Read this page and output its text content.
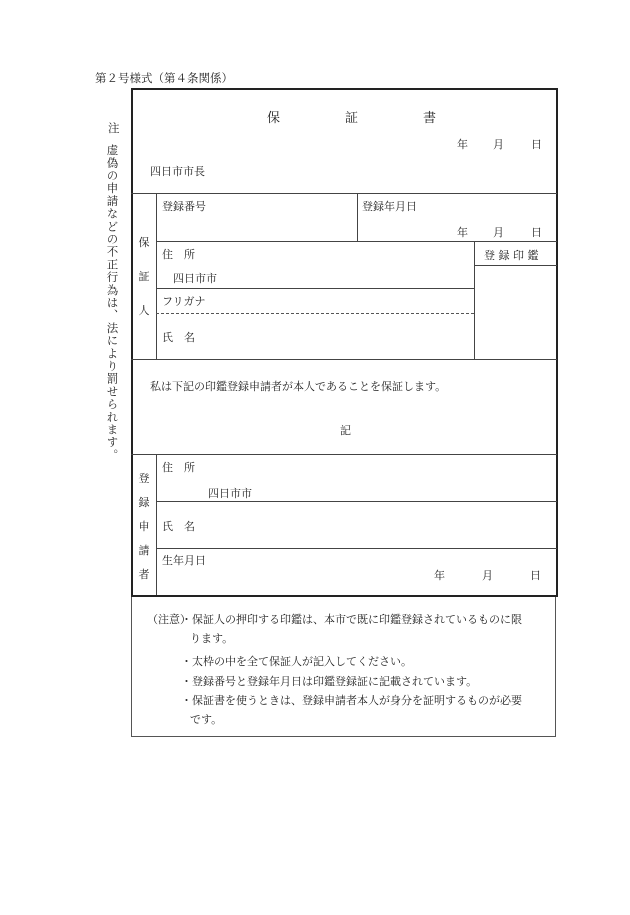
第２号様式（第４条関係）
注
虚偽の申請などの不正行為は、法により罰せられます。
保　　　　　証　　　　　書
年 月 日
四日市市長
保
証
人
登録番号	登録年月日
年 月 日
住　所
四日市市
登 録 印 鑑
フリガナ
氏　名
私は下記の印鑑登録申請者が本人であることを保証します。
記
登
録
申
請
者
住　所
四日市市
氏　名
生年月日
年	月	日
（注意）
・保証人の押印する印鑑は、本市で既に印鑑登録されているものに限
ります。
・太枠の中を全て保証人が記入してください。
・登録番号と登録年月日は印鑑登録証に記載されています。
・保証書を使うときは、登録申請者本人が身分を証明するものが必要
です。
